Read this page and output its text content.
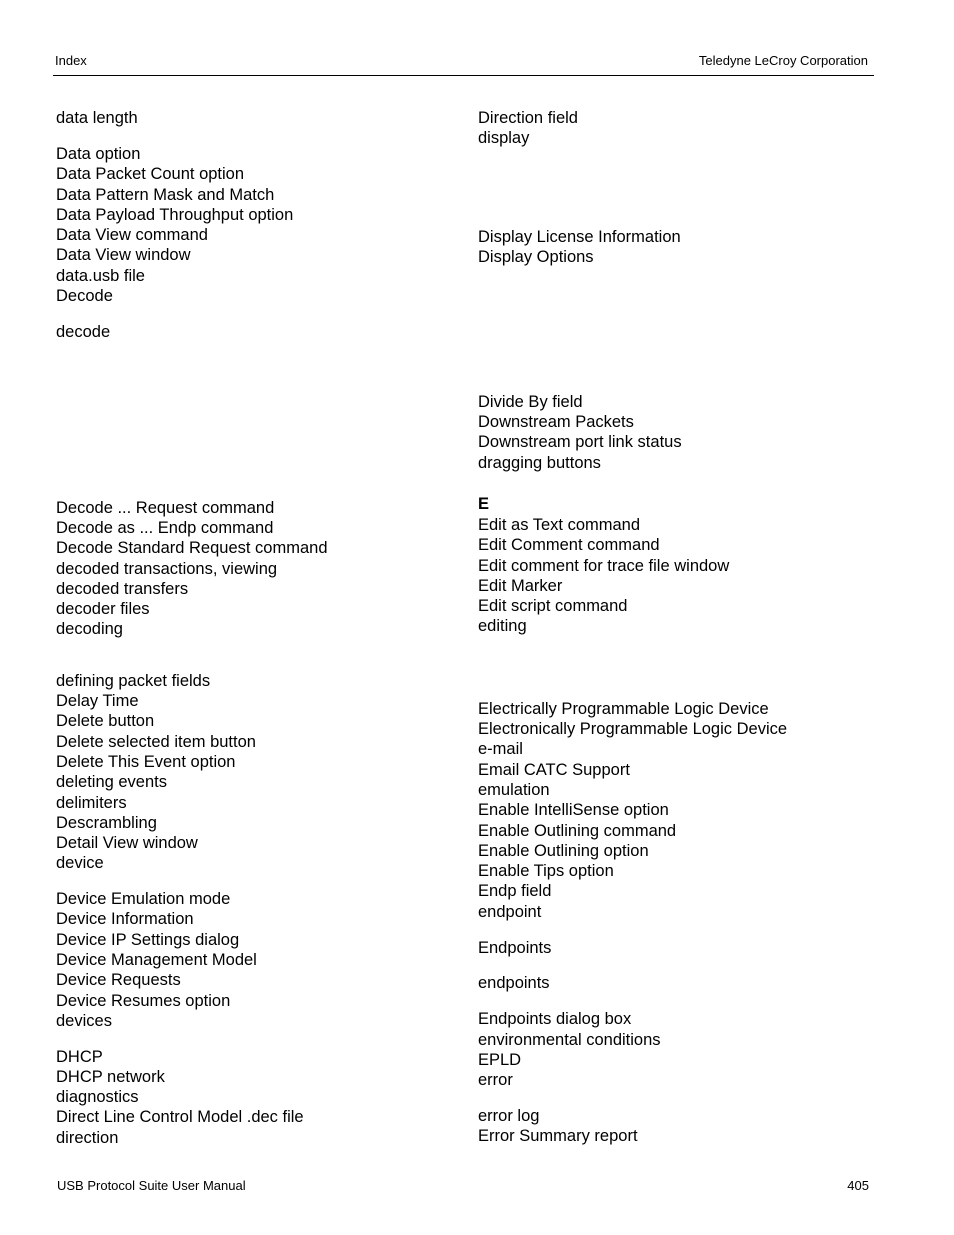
Index	Teledyne LeCroy Corporation
data length
Data option
Data Packet Count option
Data Pattern Mask and Match
Data Payload Throughput option
Data View command
Data View window
data.usb file
Decode
decode
Decode ... Request command
Decode as ... Endp command
Decode Standard Request command
decoded transactions, viewing
decoded transfers
decoder files
decoding
defining packet fields
Delay Time
Delete button
Delete selected item button
Delete This Event option
deleting events
delimiters
Descrambling
Detail View window
device
Device Emulation mode
Device Information
Device IP Settings dialog
Device Management Model
Device Requests
Device Resumes option
devices
DHCP
DHCP network
diagnostics
Direct Line Control Model .dec file
direction
Direction field
display
Display License Information
Display Options
Divide By field
Downstream Packets
Downstream port link status
dragging buttons
E
Edit as Text command
Edit Comment command
Edit comment for trace file window
Edit Marker
Edit script command
editing
Electrically Programmable Logic Device
Electronically Programmable Logic Device
e-mail
Email CATC Support
emulation
Enable IntelliSense option
Enable Outlining command
Enable Outlining option
Enable Tips option
Endp field
endpoint
Endpoints
endpoints
Endpoints dialog box
environmental conditions
EPLD
error
error log
Error Summary report
USB Protocol Suite User Manual	405
